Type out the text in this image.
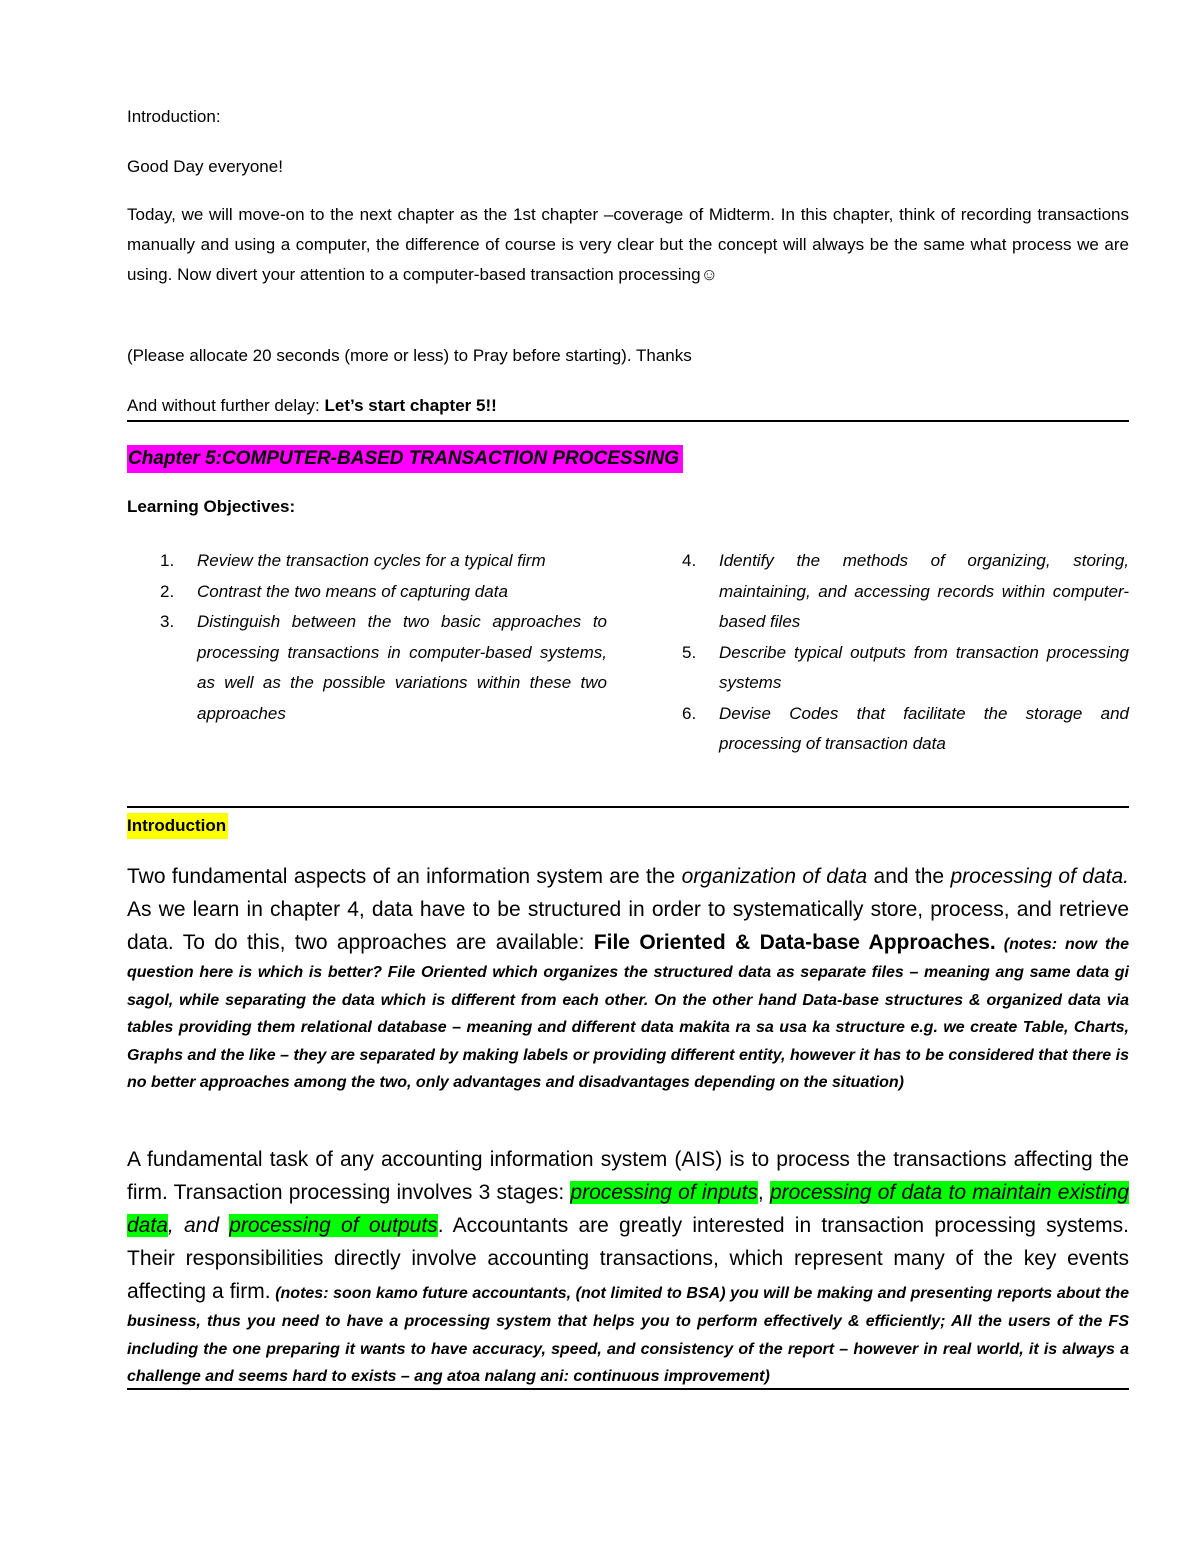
Introduction:

Good Day everyone!

Today, we will move-on to the next chapter as the 1st chapter –coverage of Midterm. In this chapter, think of recording transactions manually and using a computer, the difference of course is very clear but the concept will always be the same what process we are using. Now divert your attention to a computer-based transaction processing☺

(Please allocate 20 seconds (more or less) to Pray before starting). Thanks

And without further delay: Let’s start chapter 5!!

Chapter 5:COMPUTER-BASED TRANSACTION PROCESSING

Learning Objectives:

1. Review the transaction cycles for a typical firm
2. Contrast the two means of capturing data
3. Distinguish between the two basic approaches to processing transactions in computer-based systems, as well as the possible variations within these two approaches
4. Identify the methods of organizing, storing, maintaining, and accessing records within computer-based files
5. Describe typical outputs from transaction processing systems
6. Devise Codes that facilitate the storage and processing of transaction data
Introduction

Two fundamental aspects of an information system are the organization of data and the processing of data. As we learn in chapter 4, data have to be structured in order to systematically store, process, and retrieve data. To do this, two approaches are available: File Oriented & Data-base Approaches. (notes: now the question here is which is better? File Oriented which organizes the structured data as separate files – meaning ang same data gi sagol, while separating the data which is different from each other. On the other hand Data-base structures & organized data via tables providing them relational database – meaning and different data makita ra sa usa ka structure e.g. we create Table, Charts, Graphs and the like – they are separated by making labels or providing different entity, however it has to be considered that there is no better approaches among the two, only advantages and disadvantages depending on the situation)

A fundamental task of any accounting information system (AIS) is to process the transactions affecting the firm. Transaction processing involves 3 stages: processing of inputs, processing of data to maintain existing data, and processing of outputs. Accountants are greatly interested in transaction processing systems. Their responsibilities directly involve accounting transactions, which represent many of the key events affecting a firm. (notes: soon kamo future accountants, (not limited to BSA) you will be making and presenting reports about the business, thus you need to have a processing system that helps you to perform effectively & efficiently; All the users of the FS including the one preparing it wants to have accuracy, speed, and consistency of the report – however in real world, it is always a challenge and seems hard to exists – ang atoa nalang ani: continuous improvement)
